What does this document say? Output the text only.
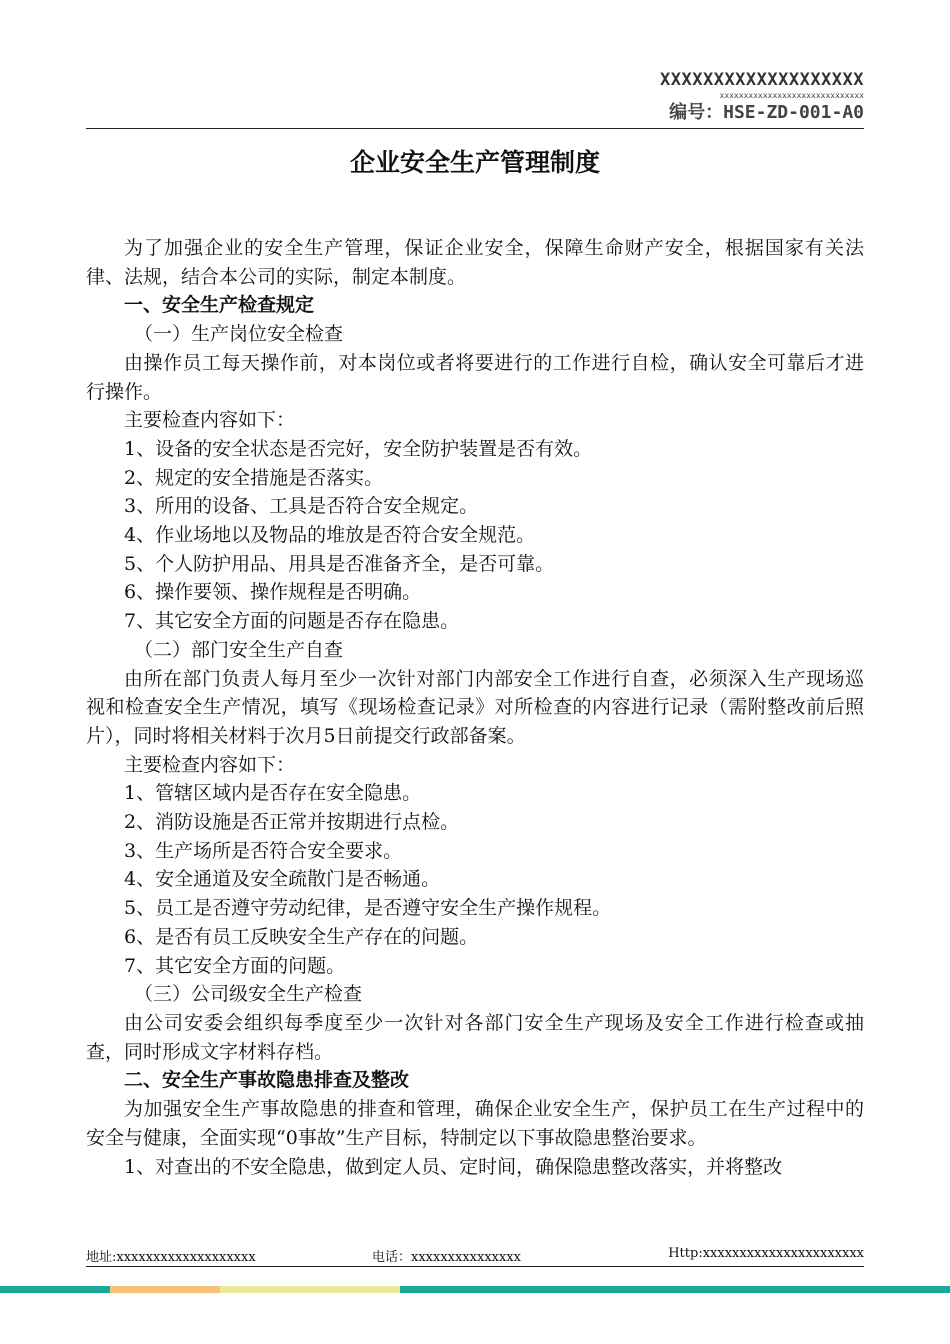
XXXXXXXXXXXXXXXXXXX
xxxxxxxxxxxxxxxxxxxxxxxxxxxxxx
编号：HSE-ZD-001-A0
企业安全生产管理制度

为了加强企业的安全生产管理，保证企业安全，保障生命财产安全，根据国家有关法律、法规，结合本公司的实际，制定本制度。

一、安全生产检查规定

（一）生产岗位安全检查

由操作员工每天操作前，对本岗位或者将要进行的工作进行自检，确认安全可靠后才进行操作。

主要检查内容如下：

1、设备的安全状态是否完好，安全防护装置是否有效。

2、规定的安全措施是否落实。

3、所用的设备、工具是否符合安全规定。

4、作业场地以及物品的堆放是否符合安全规范。

5、个人防护用品、用具是否准备齐全，是否可靠。

6、操作要领、操作规程是否明确。

7、其它安全方面的问题是否存在隐患。

（二）部门安全生产自查

由所在部门负责人每月至少一次针对部门内部安全工作进行自查，必须深入生产现场巡视和检查安全生产情况，填写《现场检查记录》对所检查的内容进行记录（需附整改前后照片），同时将相关材料于次月5日前提交行政部备案。

主要检查内容如下：

1、管辖区域内是否存在安全隐患。

2、消防设施是否正常并按期进行点检。

3、生产场所是否符合安全要求。

4、安全通道及安全疏散门是否畅通。

5、员工是否遵守劳动纪律，是否遵守安全生产操作规程。

6、是否有员工反映安全生产存在的问题。

7、其它安全方面的问题。

（三）公司级安全生产检查

由公司安委会组织每季度至少一次针对各部门安全生产现场及安全工作进行检查或抽查，同时形成文字材料存档。

二、安全生产事故隐患排查及整改

为加强安全生产事故隐患的排查和管理，确保企业安全生产，保护员工在生产过程中的安全与健康，全面实现“0事故”生产目标，特制定以下事故隐患整治要求。

1、对查出的不安全隐患，做到定人员、定时间，确保隐患整改落实，并将整改

地址:xxxxxxxxxxxxxxxxxxx	电话：xxxxxxxxxxxxxxx	Http:xxxxxxxxxxxxxxxxxxxxxx
